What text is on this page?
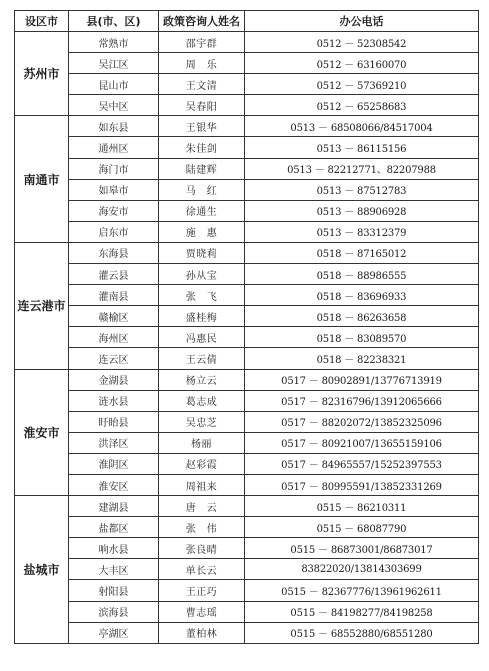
设区市	县(市、区)	政策咨询人姓名	办公电话
苏州市	常熟市	邵宇群	0512 － 52308542
	吴江区	周　乐	0512 － 63160070
	昆山市	王文清	0512 － 57369210
	吴中区	吴春阳	0512 － 65258683
南通市	如东县	王银华	0513 － 68508066/84517004
	通州区	朱佳剑	0513 － 86115156
	海门市	陆建辉	0513 － 82212771、82207988
	如皋市	马　红	0513 － 87512783
	海安市	徐通生	0513 － 88906928
	启东市	施　惠	0513 － 83312379
连云港市	东海县	贾晓莉	0518 － 87165012
	灌云县	孙从宝	0518 － 88986555
	灌南县	张　飞	0518 － 83696933
	赣榆区	盛桂梅	0518 － 86263658
	海州区	冯惠民	0518 － 83089570
	连云区	王云倩	0518 － 82238321
淮安市	金湖县	杨立云	0517 － 80902891/13776713919
	涟水县	葛志成	0517 － 82316796/13912065666
	盱眙县	吴忠芝	0517 － 88202072/13852325096
	洪泽区	杨丽	0517 － 80921007/13655159106
	淮阴区	赵彩霞	0517 － 84965557/15252397553
	淮安区	周祖来	0517 － 80995591/13852331269
盐城市	建湖县	唐　云	0515 － 86210311
	盐都区	张　伟	0515 － 68087790
	响水县	张良晴	0515 － 86873001/86873017
	大丰区	单长云	83822020/13814303699
	射阳县	王正巧	0515 － 82367776/13961962611
	滨海县	曹志瑶	0515 － 84198277/84198258
	亭湖区	董柏林	0515 － 68552880/68551280
